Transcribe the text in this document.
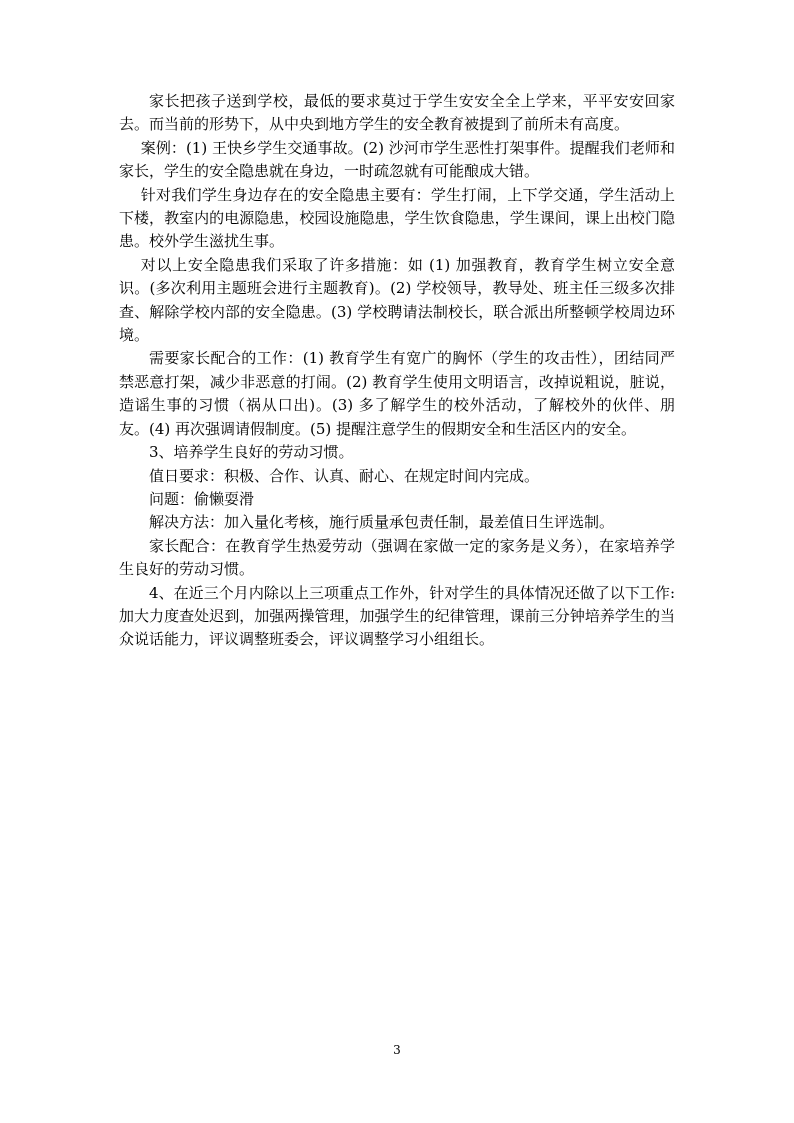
家长把孩子送到学校，最低的要求莫过于学生安安全全上学来，平平安安回家去。而当前的形势下，从中央到地方学生的安全教育被提到了前所未有高度。

案例：(1) 王快乡学生交通事故。(2) 沙河市学生恶性打架事件。提醒我们老师和家长，学生的安全隐患就在身边，一时疏忽就有可能酿成大错。

针对我们学生身边存在的安全隐患主要有：学生打闹，上下学交通，学生活动上下楼，教室内的电源隐患，校园设施隐患，学生饮食隐患，学生课间，课上出校门隐患。校外学生滋扰生事。

对以上安全隐患我们采取了许多措施：如 (1) 加强教育，教育学生树立安全意识。(多次利用主题班会进行主题教育)。(2) 学校领导，教导处、班主任三级多次排查、解除学校内部的安全隐患。(3) 学校聘请法制校长，联合派出所整顿学校周边环境。

需要家长配合的工作：(1) 教育学生有宽广的胸怀（学生的攻击性），团结同严禁恶意打架，减少非恶意的打闹。(2) 教育学生使用文明语言，改掉说粗说，脏说，造谣生事的习惯（祸从口出)。(3) 多了解学生的校外活动，了解校外的伙伴、朋友。(4) 再次强调请假制度。(5) 提醒注意学生的假期安全和生活区内的安全。

3、培养学生良好的劳动习惯。

值日要求：积极、合作、认真、耐心、在规定时间内完成。

问题：偷懒耍滑

解决方法：加入量化考核，施行质量承包责任制，最差值日生评选制。

家长配合：在教育学生热爱劳动（强调在家做一定的家务是义务），在家培养学生良好的劳动习惯。

4、在近三个月内除以上三项重点工作外，针对学生的具体情况还做了以下工作: 加大力度查处迟到，加强两操管理，加强学生的纪律管理，课前三分钟培养学生的当众说话能力，评议调整班委会，评议调整学习小组组长。

3
